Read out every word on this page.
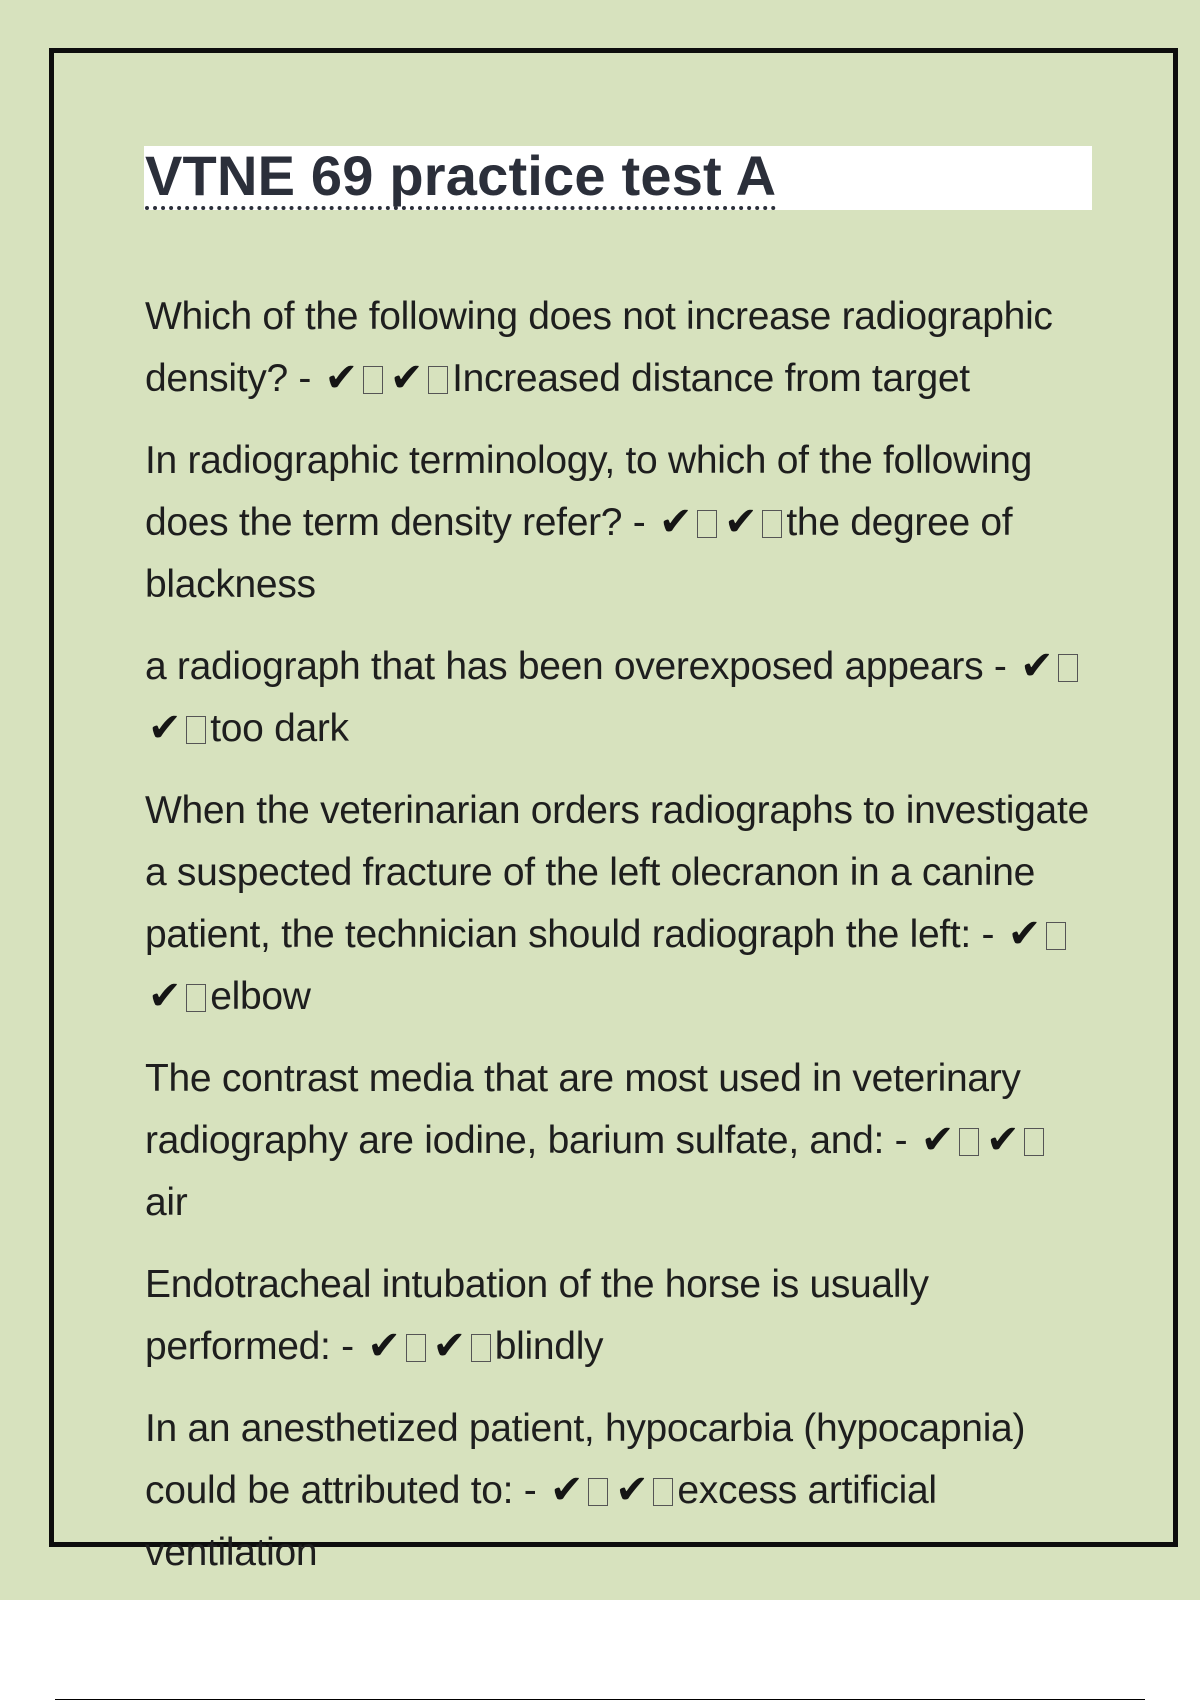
VTNE 69 practice test A

Which of the following does not increase radiographic density? - ✔ ✔ Increased distance from target

In radiographic terminology, to which of the following does the term density refer? - ✔ ✔ the degree of blackness

a radiograph that has been overexposed appears - ✔✔ too dark

When the veterinarian orders radiographs to investigate a suspected fracture of the left olecranon in a canine patient, the technician should radiograph the left: - ✔✔ elbow

The contrast media that are most used in veterinary radiography are iodine, barium sulfate, and: - ✔ ✔air

Endotracheal intubation of the horse is usually performed: - ✔ ✔ blindly

In an anesthetized patient, hypocarbia (hypocapnia) could be attributed to: - ✔ ✔ excess artificial ventilation
